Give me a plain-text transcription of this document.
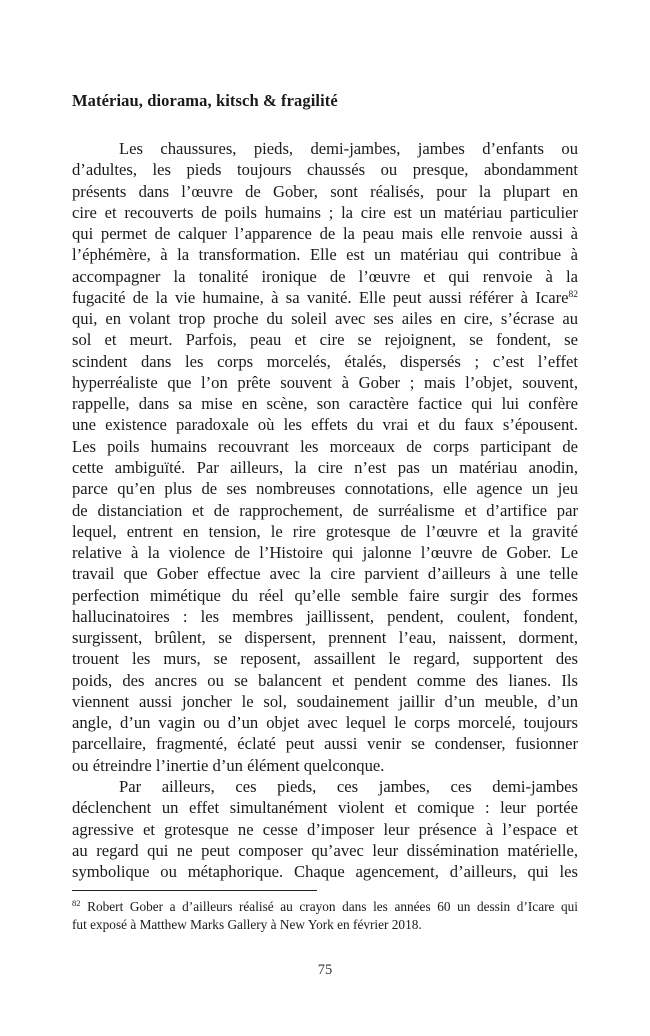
Matériau, diorama, kitsch & fragilité
Les chaussures, pieds, demi-jambes, jambes d’enfants ou
d’adultes, les pieds toujours chaussés ou presque, abondamment
présents dans l’œuvre de Gober, sont réalisés, pour la plupart en
cire et recouverts de poils humains ; la cire est un matériau particulier
qui permet de calquer l’apparence de la peau mais elle renvoie aussi à
l’éphémère, à la transformation. Elle est un matériau qui contribue à
accompagner la tonalité ironique de l’œuvre et qui renvoie à la
fugacité de la vie humaine, à sa vanité. Elle peut aussi référer à Icare$^{82}$
qui, en volant trop proche du soleil avec ses ailes en cire, s’écrase au
sol et meurt. Parfois, peau et cire se rejoignent, se fondent, se
scindent dans les corps morcelés, étalés, dispersés ; c’est l’effet
hyperréaliste que l’on prête souvent à Gober ; mais l’objet, souvent,
rappelle, dans sa mise en scène, son caractère factice qui lui confère
une existence paradoxale où les effets du vrai et du faux s’épousent.
Les poils humains recouvrant les morceaux de corps participant de
cette ambiguïté. Par ailleurs, la cire n’est pas un matériau anodin,
parce qu’en plus de ses nombreuses connotations, elle agence un jeu
de distanciation et de rapprochement, de surréalisme et d’artifice par
lequel, entrent en tension, le rire grotesque de l’œuvre et la gravité
relative à la violence de l’Histoire qui jalonne l’œuvre de Gober. Le
travail que Gober effectue avec la cire parvient d’ailleurs à une telle
perfection mimétique du réel qu’elle semble faire surgir des formes
hallucinatoires : les membres jaillissent, pendent, coulent, fondent,
surgissent, brûlent, se dispersent, prennent l’eau, naissent, dorment,
trouent les murs, se reposent, assaillent le regard, supportent des
poids, des ancres ou se balancent et pendent comme des lianes. Ils
viennent aussi joncher le sol, soudainement jaillir d’un meuble, d’un
angle, d’un vagin ou d’un objet avec lequel le corps morcelé, toujours
parcellaire, fragmenté, éclaté peut aussi venir se condenser, fusionner
ou étreindre l’inertie d’un élément quelconque.
Par ailleurs, ces pieds, ces jambes, ces demi-jambes
déclenchent un effet simultanément violent et comique : leur portée
agressive et grotesque ne cesse d’imposer leur présence à l’espace et
au regard qui ne peut composer qu’avec leur dissémination matérielle,
symbolique ou métaphorique. Chaque agencement, d’ailleurs, qui les
$^{82}$ Robert Gober a d’ailleurs réalisé au crayon dans les années 60 un dessin d’Icare qui
fut exposé à Matthew Marks Gallery à New York en février 2018.
75
